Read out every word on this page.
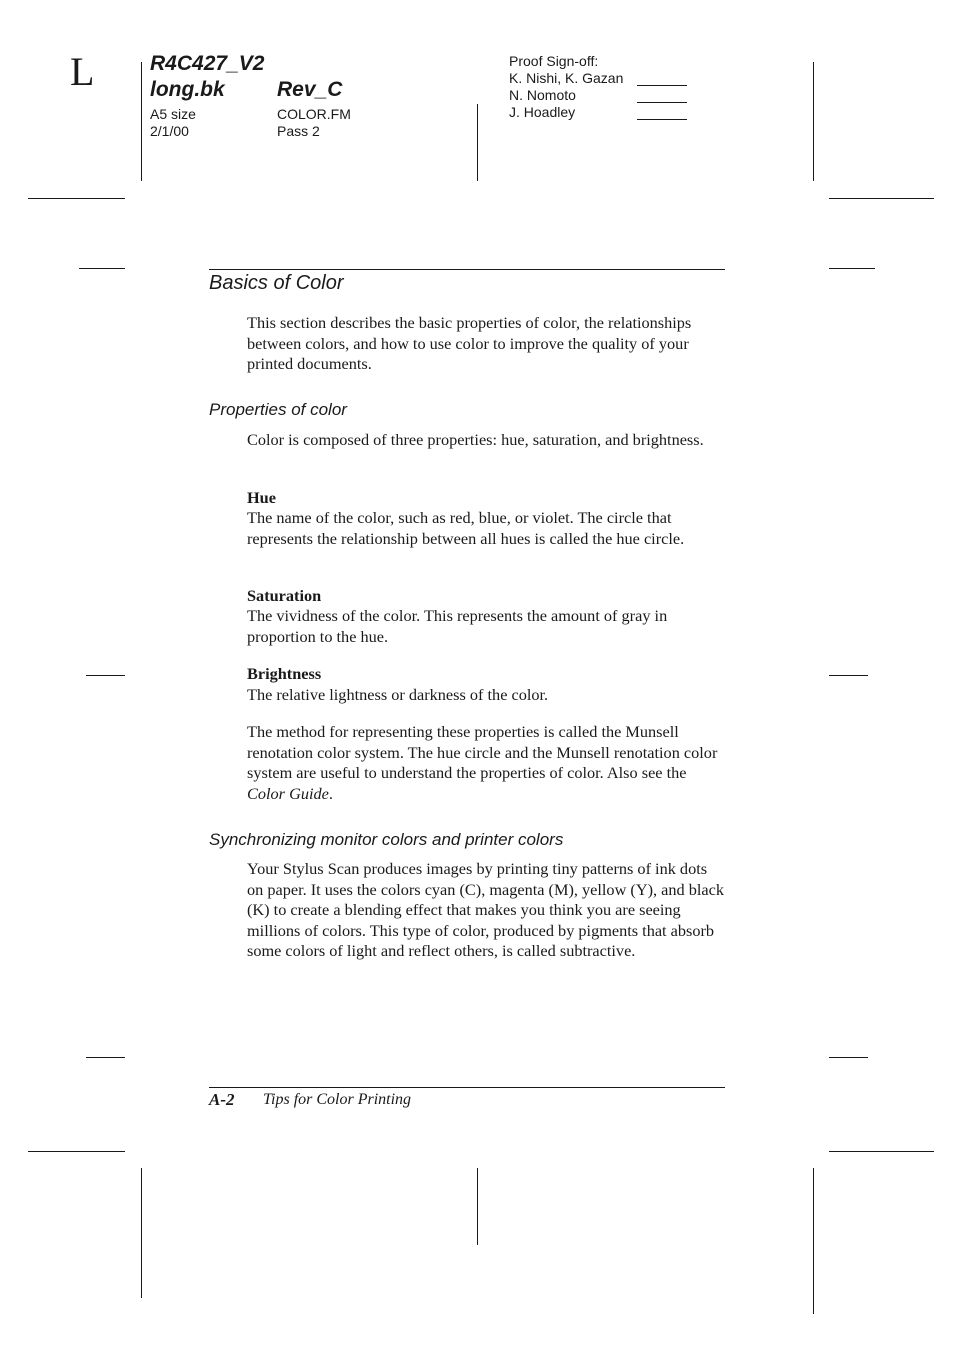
L	R4C427_V2
long.bk Rev_C
A5 size	COLOR.FM
2/1/00	Pass 2
Proof Sign-off:
K. Nishi, K. Gazan
N. Nomoto
J. Hoadley
Basics of Color
This section describes the basic properties of color, the relationships between colors, and how to use color to improve the quality of your printed documents.
Properties of color
Color is composed of three properties: hue, saturation, and brightness.
Hue
The name of the color, such as red, blue, or violet. The circle that represents the relationship between all hues is called the hue circle.
Saturation
The vividness of the color. This represents the amount of gray in proportion to the hue.
Brightness
The relative lightness or darkness of the color.
The method for representing these properties is called the Munsell renotation color system. The hue circle and the Munsell renotation color system are useful to understand the properties of color. Also see the Color Guide.
Synchronizing monitor colors and printer colors
Your Stylus Scan produces images by printing tiny patterns of ink dots on paper. It uses the colors cyan (C), magenta (M), yellow (Y), and black (K) to create a blending effect that makes you think you are seeing millions of colors. This type of color, produced by pigments that absorb some colors of light and reflect others, is called subtractive.
A-2 Tips for Color Printing
